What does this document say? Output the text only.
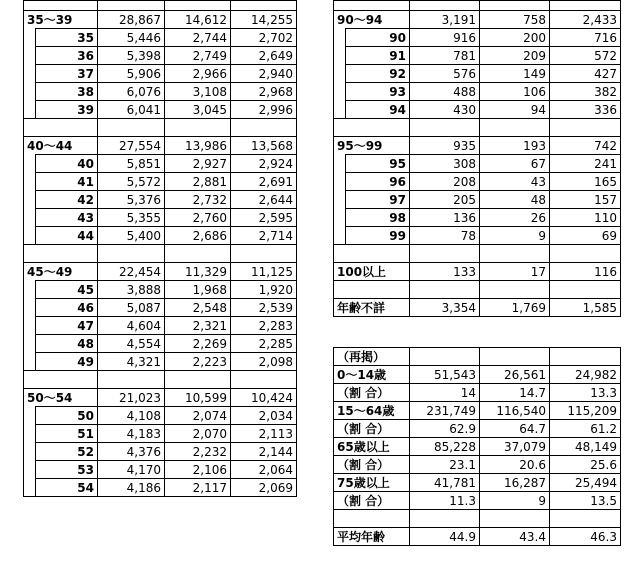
35～39		28,867	14,612	14,255
	35	5,446	2,744	2,702
	36	5,398	2,749	2,649
	37	5,906	2,966	2,940
	38	6,076	3,108	2,968
	39	6,041	3,045	2,996

40～44		27,554	13,986	13,568
	40	5,851	2,927	2,924
	41	5,572	2,881	2,691
	42	5,376	2,732	2,644
	43	5,355	2,760	2,595
	44	5,400	2,686	2,714

45～49		22,454	11,329	11,125
	45	3,888	1,968	1,920
	46	5,087	2,548	2,539
	47	4,604	2,321	2,283
	48	4,554	2,269	2,285
	49	4,321	2,223	2,098

50～54		21,023	10,599	10,424
	50	4,108	2,074	2,034
	51	4,183	2,070	2,113
	52	4,376	2,232	2,144
	53	4,170	2,106	2,064
	54	4,186	2,117	2,069

90～94		3,191	758	2,433
	90	916	200	716
	91	781	209	572
	92	576	149	427
	93	488	106	382
	94	430	94	336

95～99		935	193	742
	95	308	67	241
	96	208	43	165
	97	205	48	157
	98	136	26	110
	99	78	9	69

100以上		133	17	116

年齢不詳		3,354	1,769	1,585
（再掲）			
0～14歳	51,543	26,561	24,982
（割 合）	14	14.7	13.3
15～64歳	231,749	116,540	115,209
（割 合）	62.9	64.7	61.2
65歳以上	85,228	37,079	48,149
（割 合）	23.1	20.6	25.6
75歳以上	41,781	16,287	25,494
（割 合）	11.3	9	13.5

平均年齢	44.9	43.4	46.3
